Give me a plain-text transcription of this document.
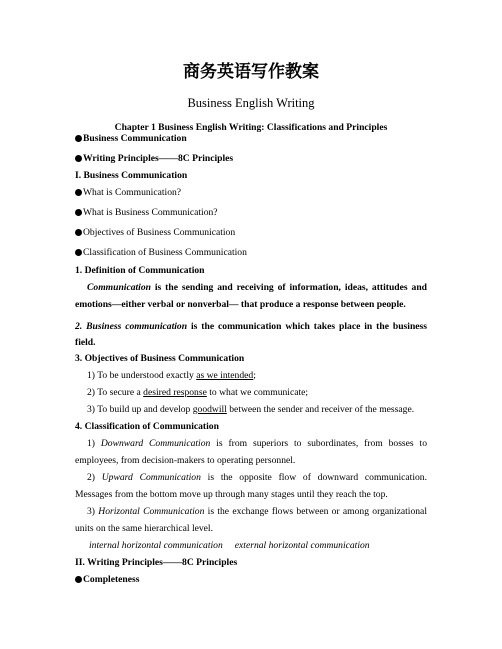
商务英语写作教案
Business English Writing
Chapter 1 Business English Writing: Classifications and Principles
Business Communication
Writing Principles——8C Principles
I. Business Communication
What is Communication?
What is Business Communication?
Objectives of Business Communication
Classification of Business Communication
1. Definition of Communication
Communication is the sending and receiving of information, ideas, attitudes and
emotions—either verbal or nonverbal— that produce a response between people.
2. Business communication is the communication which takes place in the business
field.
3. Objectives of Business Communication
1) To be understood exactly as we intended;
2) To secure a desired response to what we communicate;
3) To build up and develop goodwill between the sender and receiver of the message.
4. Classification of Communication
1) Downward Communication is from superiors to subordinates, from bosses to
employees, from decision-makers to operating personnel.
2) Upward Communication is the opposite flow of downward communication.
Messages from the bottom move up through many stages until they reach the top.
3) Horizontal Communication is the exchange flows between or among organizational
units on the same hierarchical level.
internal horizontal communication external horizontal communication
II. Writing Principles——8C Principles
Completeness
